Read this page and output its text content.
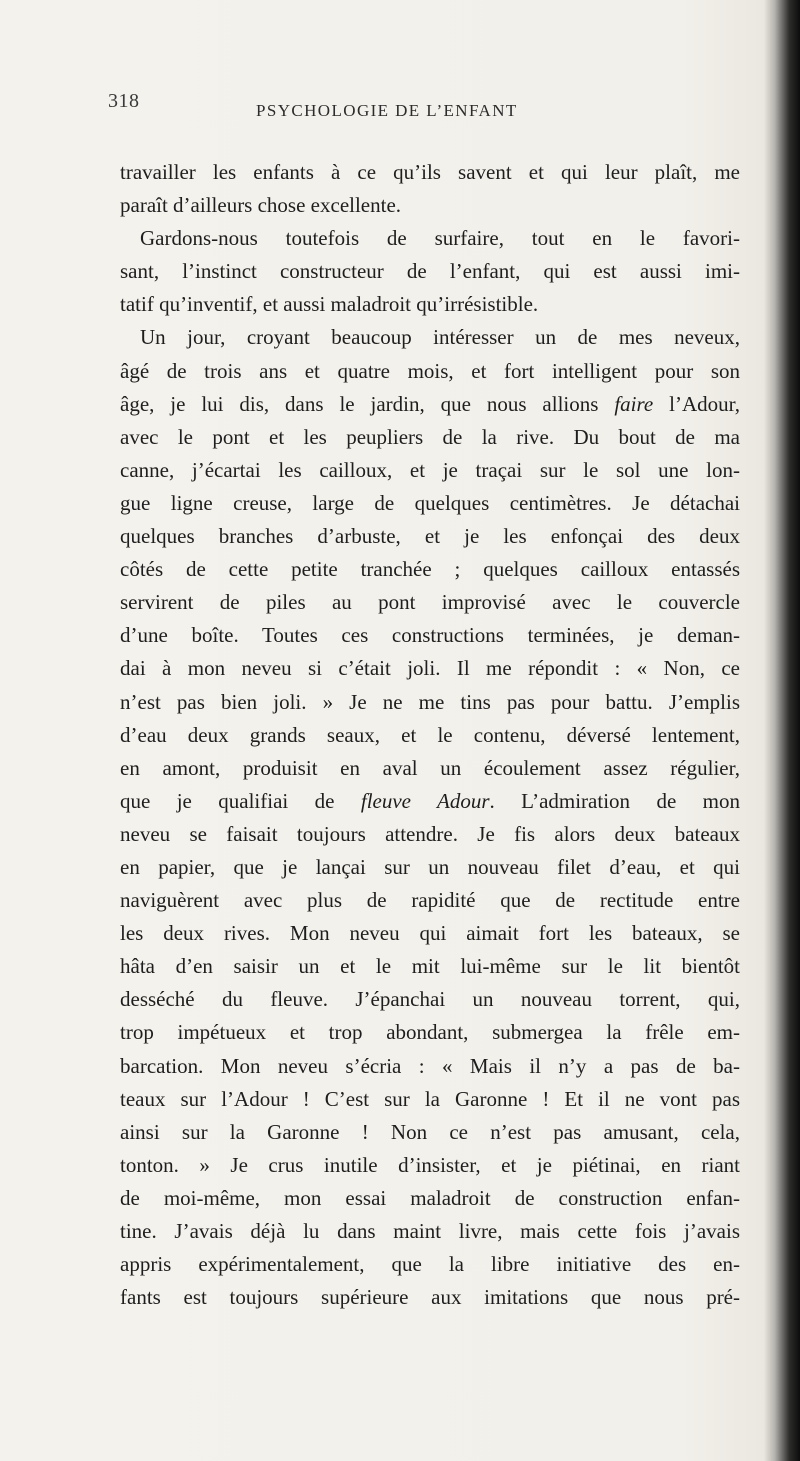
318	PSYCHOLOGIE DE L’ENFANT
travailler les enfants à ce qu’ils savent et qui leur plaît, me
paraît d’ailleurs chose excellente.
Gardons-nous toutefois de surfaire, tout en le favori-
sant, l’instinct constructeur de l’enfant, qui est aussi imi-
tatif qu’inventif, et aussi maladroit qu’irrésistible.
Un jour, croyant beaucoup intéresser un de mes neveux,
âgé de trois ans et quatre mois, et fort intelligent pour son
âge, je lui dis, dans le jardin, que nous allions faire l’Adour,
avec le pont et les peupliers de la rive. Du bout de ma
canne, j’écartai les cailloux, et je traçai sur le sol une lon-
gue ligne creuse, large de quelques centimètres. Je détachai
quelques branches d’arbuste, et je les enfonçai des deux
côtés de cette petite tranchée ; quelques cailloux entassés
servirent de piles au pont improvisé avec le couvercle
d’une boîte. Toutes ces constructions terminées, je deman-
dai à mon neveu si c’était joli. Il me répondit : « Non, ce
n’est pas bien joli. » Je ne me tins pas pour battu. J’emplis
d’eau deux grands seaux, et le contenu, déversé lentement,
en amont, produisit en aval un écoulement assez régulier,
que je qualifiai de fleuve Adour. L’admiration de mon
neveu se faisait toujours attendre. Je fis alors deux bateaux
en papier, que je lançai sur un nouveau filet d’eau, et qui
naviguèrent avec plus de rapidité que de rectitude entre
les deux rives. Mon neveu qui aimait fort les bateaux, se
hâta d’en saisir un et le mit lui-même sur le lit bientôt
desséché du fleuve. J’épanchai un nouveau torrent, qui,
trop impétueux et trop abondant, submergea la frêle em-
barcation. Mon neveu s’écria : « Mais il n’y a pas de ba-
teaux sur l’Adour ! C’est sur la Garonne ! Et il ne vont pas
ainsi sur la Garonne ! Non ce n’est pas amusant, cela,
tonton. » Je crus inutile d’insister, et je piétinai, en riant
de moi-même, mon essai maladroit de construction enfan-
tine. J’avais déjà lu dans maint livre, mais cette fois j’avais
appris expérimentalement, que la libre initiative des en-
fants est toujours supérieure aux imitations que nous pré-
